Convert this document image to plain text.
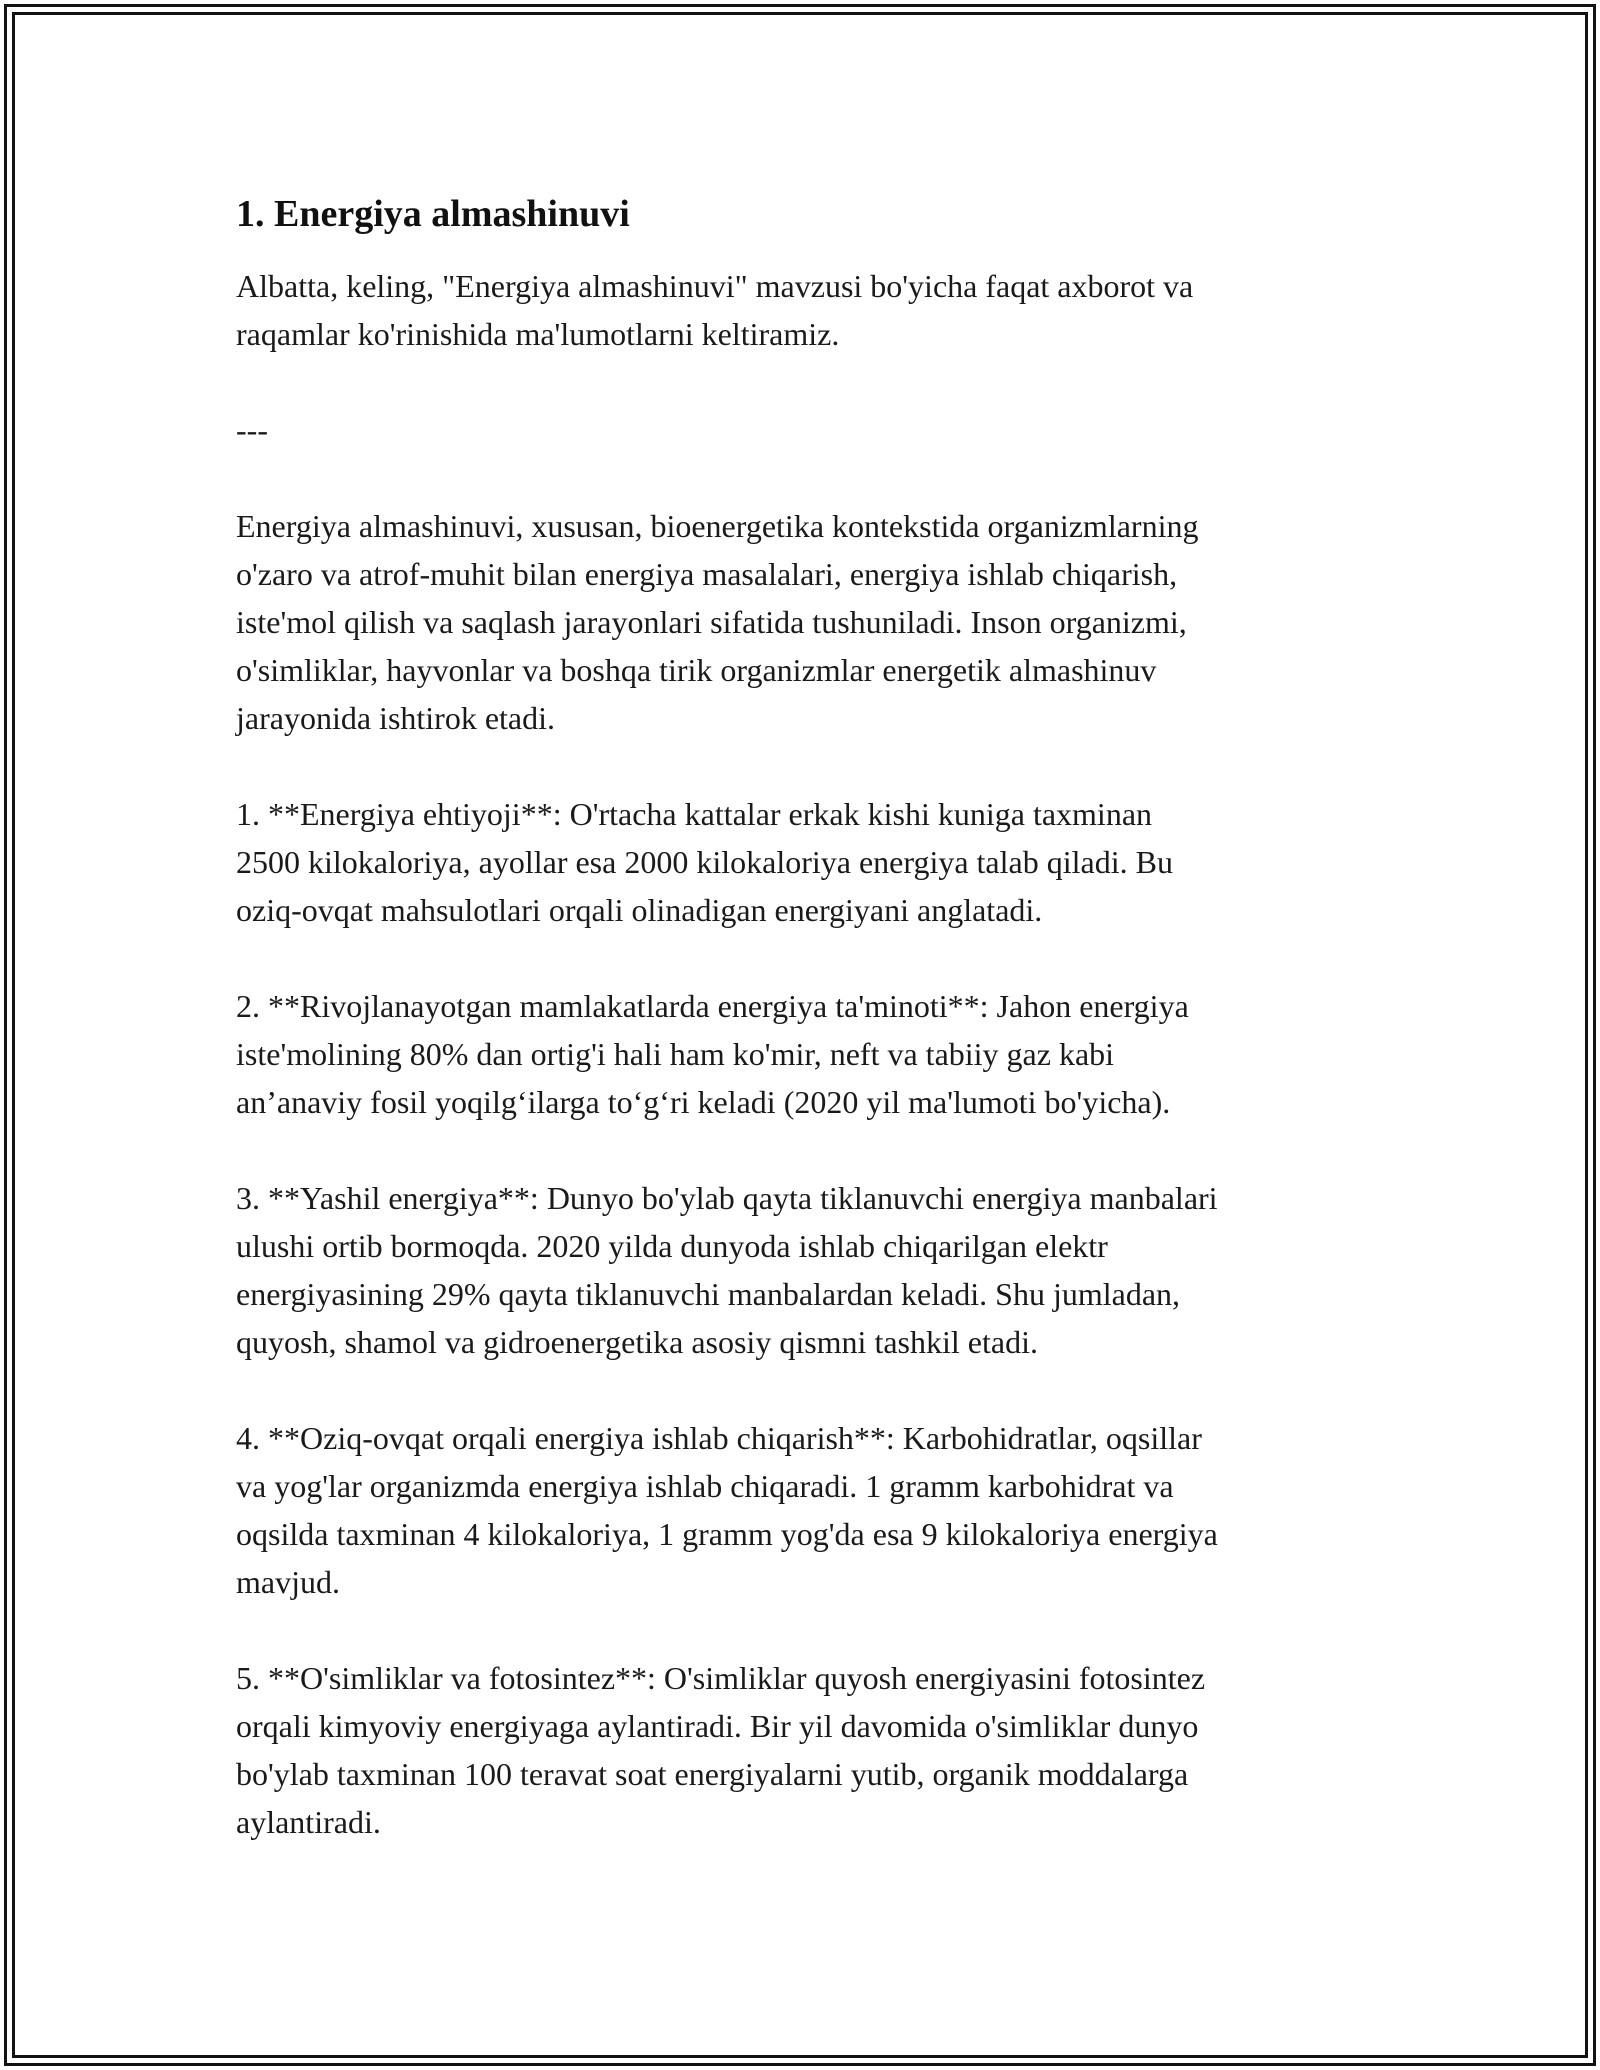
1. Energiya almashinuvi

Albatta, keling, "Energiya almashinuvi" mavzusi bo'yicha faqat axborot va
raqamlar ko'rinishida ma'lumotlarni keltiramiz.

---

Energiya almashinuvi, xususan, bioenergetika kontekstida organizmlarning
o'zaro va atrof-muhit bilan energiya masalalari, energiya ishlab chiqarish,
iste'mol qilish va saqlash jarayonlari sifatida tushuniladi. Inson organizmi,
o'simliklar, hayvonlar va boshqa tirik organizmlar energetik almashinuv
jarayonida ishtirok etadi.

1. **Energiya ehtiyoji**: O'rtacha kattalar erkak kishi kuniga taxminan
2500 kilokaloriya, ayollar esa 2000 kilokaloriya energiya talab qiladi. Bu
oziq-ovqat mahsulotlari orqali olinadigan energiyani anglatadi.

2. **Rivojlanayotgan mamlakatlarda energiya ta'minoti**: Jahon energiya
iste'molining 80% dan ortig'i hali ham ko'mir, neft va tabiiy gaz kabi
an’anaviy fosil yoqilg‘ilarga to‘g‘ri keladi (2020 yil ma'lumoti bo'yicha).

3. **Yashil energiya**: Dunyo bo'ylab qayta tiklanuvchi energiya manbalari
ulushi ortib bormoqda. 2020 yilda dunyoda ishlab chiqarilgan elektr
energiyasining 29% qayta tiklanuvchi manbalardan keladi. Shu jumladan,
quyosh, shamol va gidroenergetika asosiy qismni tashkil etadi.

4. **Oziq-ovqat orqali energiya ishlab chiqarish**: Karbohidratlar, oqsillar
va yog'lar organizmda energiya ishlab chiqaradi. 1 gramm karbohidrat va
oqsilda taxminan 4 kilokaloriya, 1 gramm yog'da esa 9 kilokaloriya energiya
mavjud.

5. **O'simliklar va fotosintez**: O'simliklar quyosh energiyasini fotosintez
orqali kimyoviy energiyaga aylantiradi. Bir yil davomida o'simliklar dunyo
bo'ylab taxminan 100 teravat soat energiyalarni yutib, organik moddalarga
aylantiradi.
